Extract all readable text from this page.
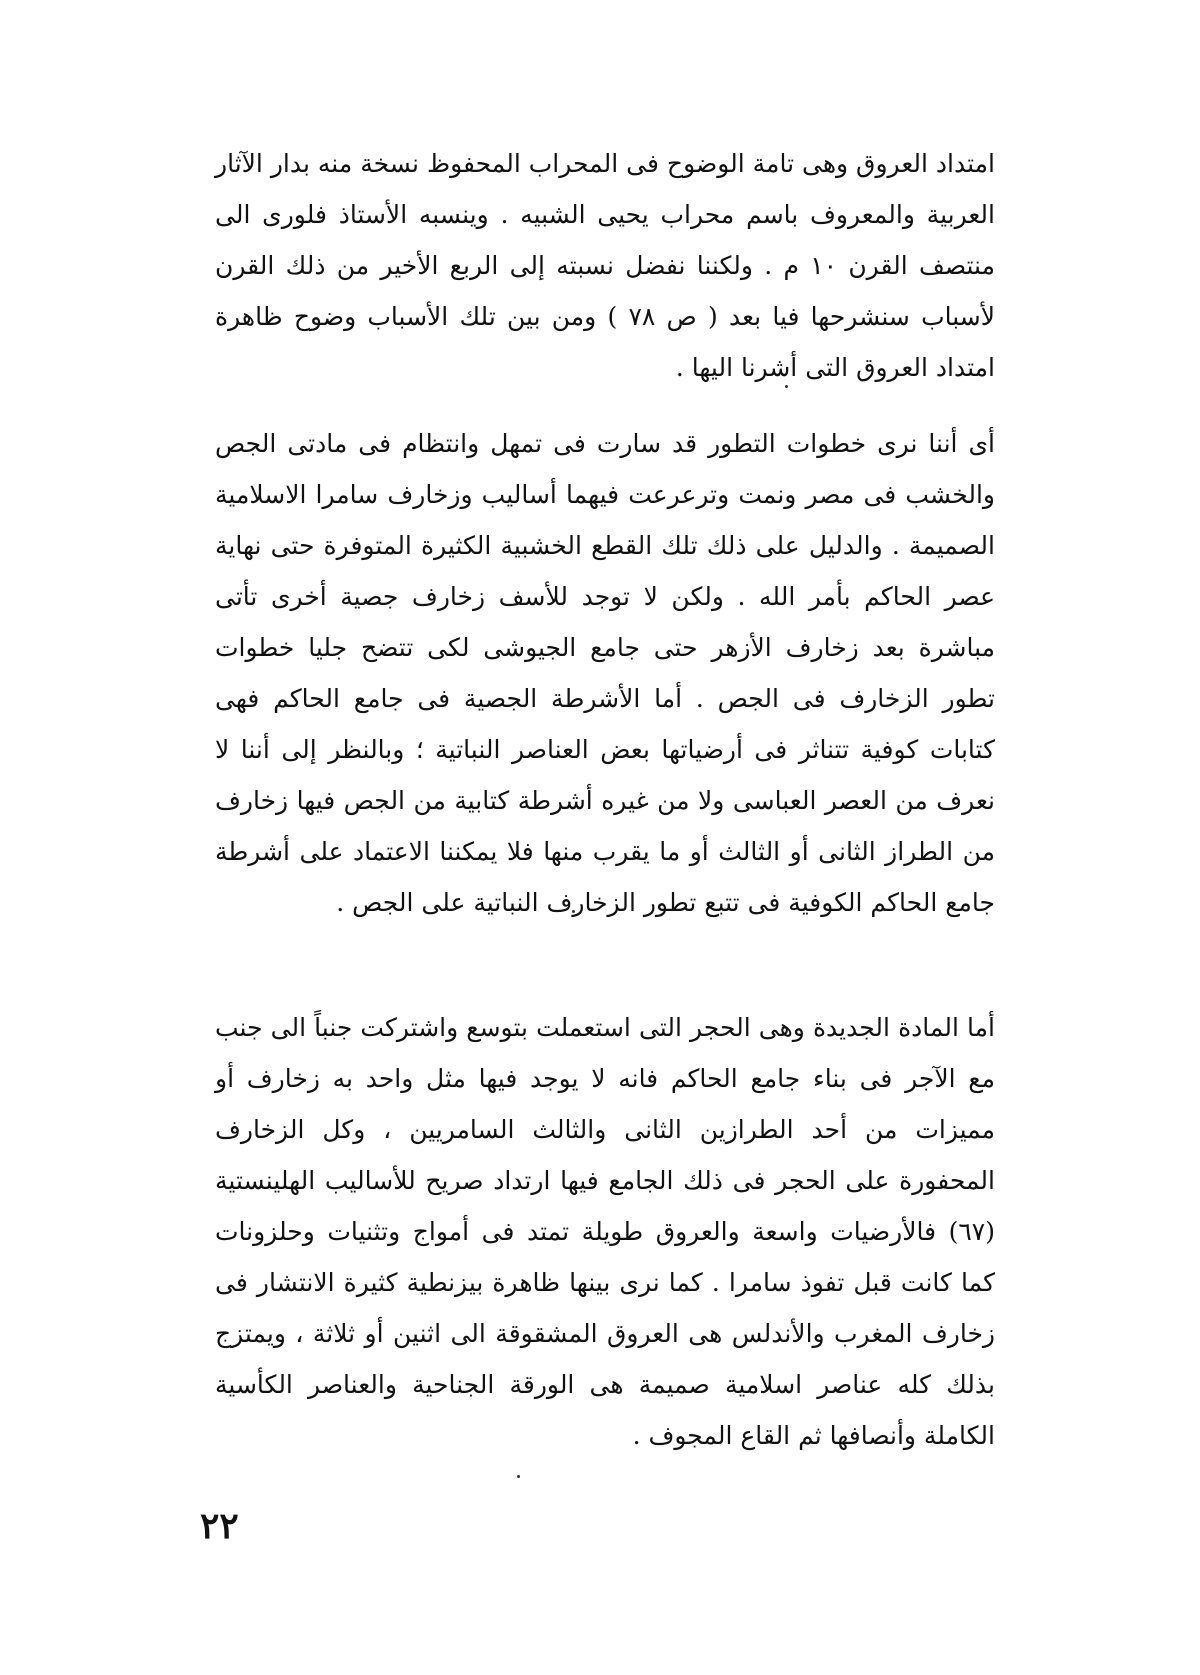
امتداد العروق وهى تامة الوضوح فى المحراب المحفوظ نسخة منه بدار الآثار العربية والمعروف باسم محراب يحيى الشبيه . وينسبه الأستاذ فلورى الى منتصف القرن ١٠ م . ولكننا نفضل نسبته إلى الربع الأخير من ذلك القرن لأسباب سنشرحها فيا بعد ( ص ٧٨ ) ومن بين تلك الأسباب وضوح ظاهرة امتداد العروق التى أشرنا اليها .

أى أننا نرى خطوات التطور قد سارت فى تمهل وانتظام فى مادتى الجص والخشب فى مصر ونمت وترعرعت فيهما أساليب وزخارف سامرا الاسلامية الصميمة . والدليل على ذلك تلك القطع الخشبية الكثيرة المتوفرة حتى نهاية عصر الحاكم بأمر الله . ولكن لا توجد للأسف زخارف جصية أخرى تأتى مباشرة بعد زخارف الأزهر حتى جامع الجيوشى لكى تتضح جليا خطوات تطور الزخارف فى الجص . أما الأشرطة الجصية فى جامع الحاكم فهى كتابات كوفية تتناثر فى أرضياتها بعض العناصر النباتية ؛ وبالنظر إلى أننا لا نعرف من العصر العباسى ولا من غيره أشرطة كتابية من الجص فيها زخارف من الطراز الثانى أو الثالث أو ما يقرب منها فلا يمكننا الاعتماد على أشرطة جامع الحاكم الكوفية فى تتبع تطور الزخارف النباتية على الجص .

أما المادة الجديدة وهى الحجر التى استعملت بتوسع واشتركت جنباً الى جنب مع الآجر فى بناء جامع الحاكم فانه لا يوجد فيها مثل واحد به زخارف أو مميزات من أحد الطرازين الثانى والثالث السامريين ، وكل الزخارف المحفورة على الحجر فى ذلك الجامع فيها ارتداد صريح للأساليب الهلينستية (٦٧) فالأرضيات واسعة والعروق طويلة تمتد فى أمواج وتثنيات وحلزونات كما كانت قبل تفوذ سامرا . كما نرى بينها ظاهرة بيزنطية كثيرة الانتشار فى زخارف المغرب والأندلس هى العروق المشقوقة الى اثنين أو ثلاثة ، ويمتزج بذلك كله عناصر اسلامية صميمة هى الورقة الجناحية والعناصر الكأسية الكاملة وأنصافها ثم القاع المجوف .

٢٢
